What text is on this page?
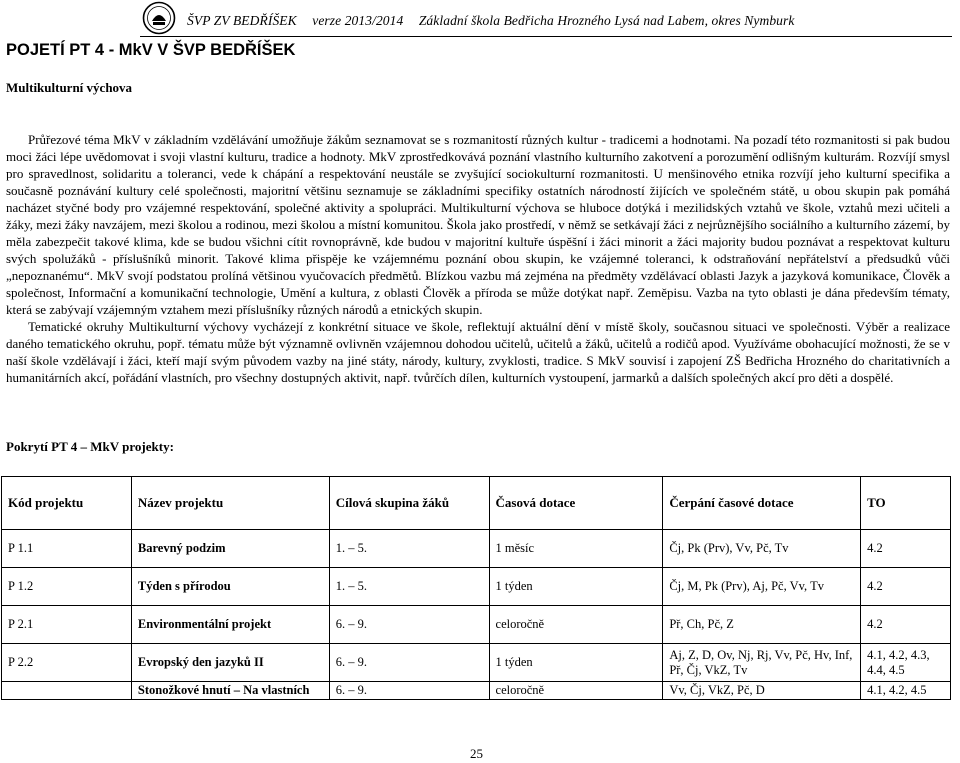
ŠVP ZV BEDŘÍŠEK verze 2013/2014 Základní škola Bedřicha Hrozného Lysá nad Labem, okres Nymburk
POJETÍ PT 4 - MkV V ŠVP BEDŘÍŠEK
Multikulturní výchova

Průřezové téma MkV v základním vzdělávání umožňuje žákům seznamovat se s rozmanitostí různých kultur - tradicemi a hodnotami. Na pozadí této rozmanitosti si pak budou moci žáci lépe uvědomovat i svoji vlastní kulturu, tradice a hodnoty. MkV zprostředkovává poznání vlastního kulturního zakotvení a porozumění odlišným kulturám. Rozvíjí smysl pro spravedlnost, solidaritu a toleranci, vede k chápání a respektování neustále se zvyšující sociokulturní rozmanitosti. U menšinového etnika rozvíjí jeho kulturní specifika a současně poznávání kultury celé společnosti, majoritní většinu seznamuje se základními specifiky ostatních národností žijících ve společném státě, u obou skupin pak pomáhá nacházet styčné body pro vzájemné respektování, společné aktivity a spolupráci. Multikulturní výchova se hluboce dotýká i mezilidských vztahů ve škole, vztahů mezi učiteli a žáky, mezi žáky navzájem, mezi školou a rodinou, mezi školou a místní komunitou. Škola jako prostředí, v němž se setkávají žáci z nejrůznějšího sociálního a kulturního zázemí, by měla zabezpečit takové klima, kde se budou všichni cítit rovnoprávně, kde budou v majoritní kultuře úspěšní i žáci minorit a žáci majority budou poznávat a respektovat kulturu svých spolužáků - příslušníků minorit. Takové klima přispěje ke vzájemnému poznání obou skupin, ke vzájemné toleranci, k odstraňování nepřátelství a předsudků vůči „nepoznanému“. MkV svojí podstatou prolíná většinou vyučovacích předmětů. Blízkou vazbu má zejména na předměty vzdělávací oblasti Jazyk a jazyková komunikace, Člověk a společnost, Informační a komunikační technologie, Umění a kultura, z oblasti Člověk a příroda se může dotýkat např. Zeměpisu. Vazba na tyto oblasti je dána především tématy, která se zabývají vzájemným vztahem mezi příslušníky různých národů a etnických skupin.

Tematické okruhy Multikulturní výchovy vycházejí z konkrétní situace ve škole, reflektují aktuální dění v místě školy, současnou situaci ve společnosti. Výběr a realizace daného tematického okruhu, popř. tématu může být významně ovlivněn vzájemnou dohodou učitelů, učitelů a žáků, učitelů a rodičů apod. Využíváme obohacující možnosti, že se v naší škole vzdělávají i žáci, kteří mají svým původem vazby na jiné státy, národy, kultury, zvyklosti, tradice. S MkV souvisí i zapojení ZŠ Bedřicha Hrozného do charitativních a humanitárních akcí, pořádání vlastních, pro všechny dostupných aktivit, např. tvůrčích dílen, kulturních vystoupení, jarmarků a dalších společných akcí pro děti a dospělé.

Pokrytí PT 4 – MkV projekty:
Kód projektu	Název projektu	Cílová skupina žáků	Časová dotace	Čerpání časové dotace	TO
P 1.1	Barevný podzim	1. – 5.	1 měsíc	Čj, Pk (Prv), Vv, Pč, Tv	4.2
P 1.2	Týden s přírodou	1. – 5.	1 týden	Čj, M, Pk (Prv), Aj, Pč, Vv, Tv	4.2
P 2.1	Environmentální projekt	6. – 9.	celoročně	Př, Ch, Pč, Z	4.2
P 2.2	Evropský den jazyků II	6. – 9.	1 týden	Aj, Z, D, Ov, Nj, Rj, Vv, Pč, Hv, Inf, Př, Čj, VkZ, Tv	4.1, 4.2, 4.3, 4.4, 4.5
	Stonožkové hnutí – Na vlastních	6. – 9.	celoročně	Vv, Čj, VkZ, Pč, D	4.1, 4.2, 4.5
25
